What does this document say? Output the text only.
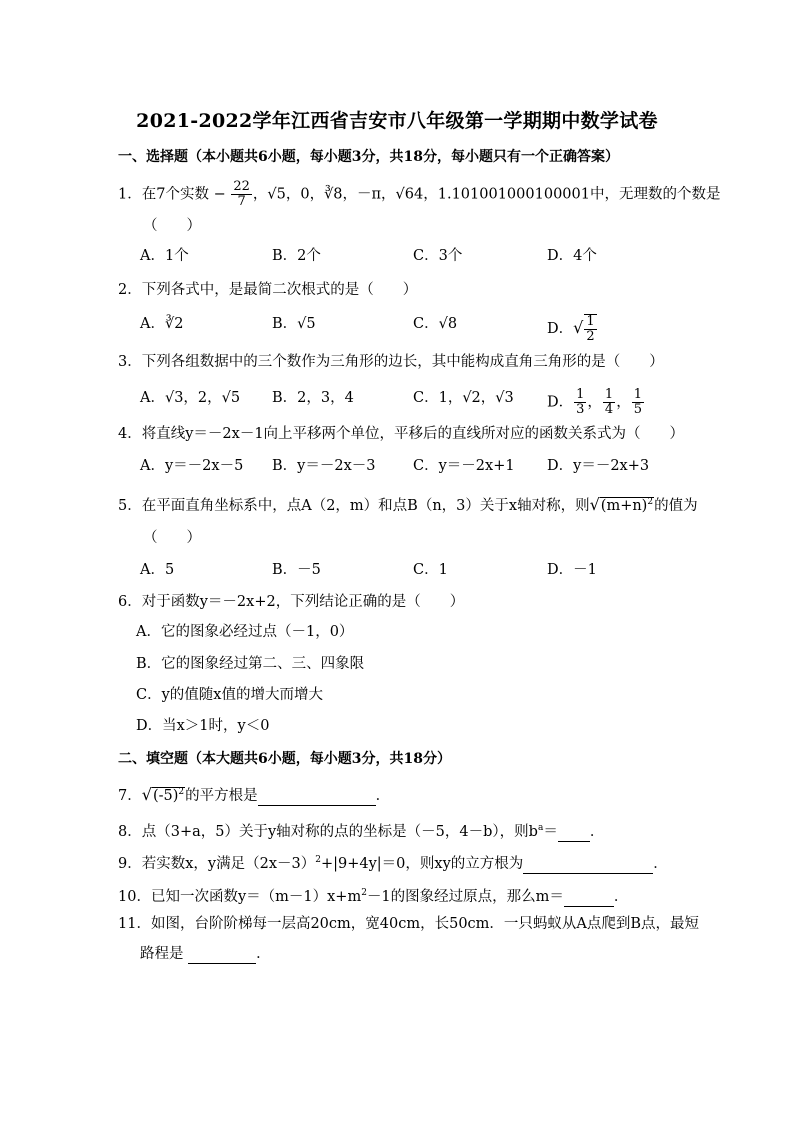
2021-2022学年江西省吉安市八年级第一学期期中数学试卷
一、选择题（本小题共6小题，每小题3分，共18分，每小题只有一个正确答案）
1．在7个实数 − $\frac{22}{7}$ ，√5，0，∛8，－π，√64，1.101001000100001中，无理数的个数是
（　　）
A．1个	B．2个	C．3个	D．4个
2．下列各式中，是最简二次根式的是（　　）
A．∛2	B．√5	C．√8	D．√ $\frac{1}{2}$
3．下列各组数据中的三个数作为三角形的边长，其中能构成直角三角形的是（　　）
A．√3，2，√5 B．2，3，4	C．1，√2，√3 D． $\frac{1}{3}$ ， $\frac{1}{4}$ ， $\frac{1}{5}$
4．将直线y＝－2x－1向上平移两个单位，平移后的直线所对应的函数关系式为（　　）
A．y＝－2x－5 B．y＝－2x－3	C．y＝－2x+1 D．y＝－2x+3
5．在平面直角坐标系中，点A（2，m）和点B（n，3）关于x轴对称，则$√(m+n)^2$的值为
（　　）
A．5	B．－5	C．1	D．－1
6．对于函数y＝－2x+2，下列结论正确的是（　　）
A．它的图象必经过点（－1，0）
B．它的图象经过第二、三、四象限
C．y的值随x值的增大而增大
D．当x＞1时，y＜0
二、填空题（本大题共6小题，每小题3分，共18分）
7．$√(-5)^2$的平方根是	．
8．点（3+a，5）关于y轴对称的点的坐标是（－5，4－b），则$b^a=$ ．
9．若实数x，y满足$(2x-3)^2+|9+4y|=0$，则xy的立方根为	．
10．已知一次函数$y=(m-1)x+m^2-1$的图象经过原点，那么m＝	．
11．如图，台阶阶梯每一层高20cm，宽40cm，长50cm．一只蚂蚁从A点爬到B点，最短
路程是	．
